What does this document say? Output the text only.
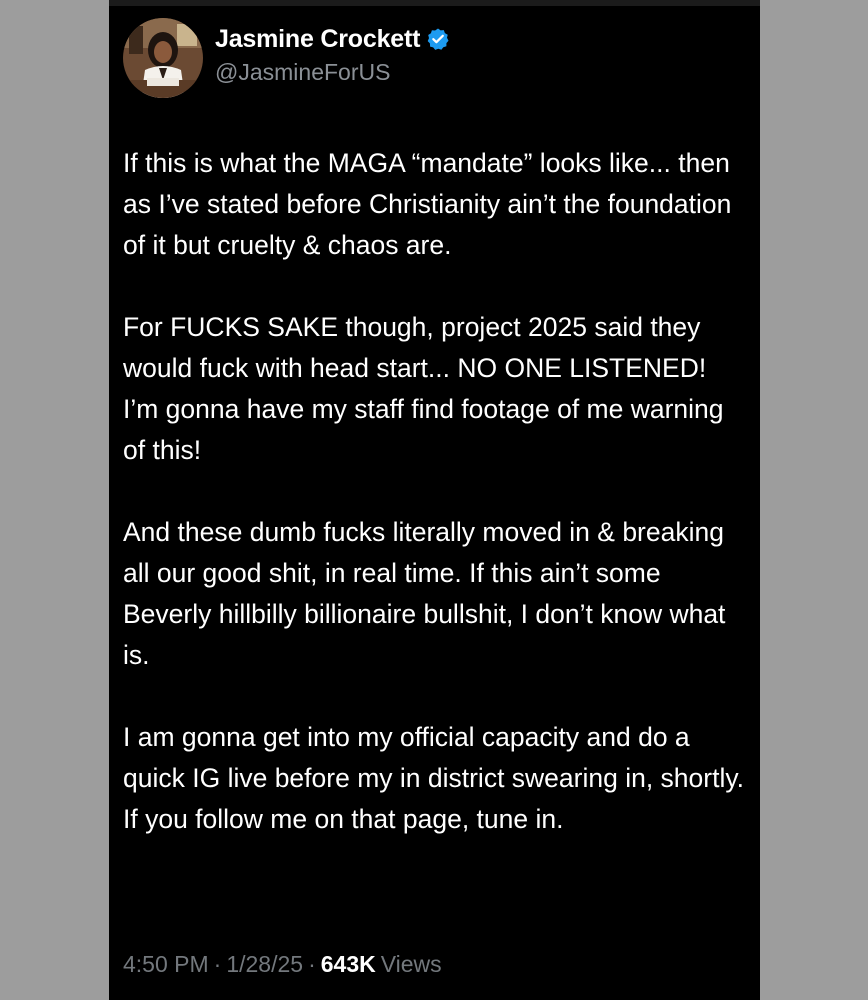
Jasmine Crockett
@JasmineForUS

If this is what the MAGA “mandate” looks like... then as I’ve stated before Christianity ain’t the foundation of it but cruelty & chaos are.

For FUCKS SAKE though, project 2025 said they would fuck with head start... NO ONE LISTENED! I’m gonna have my staff find footage of me warning of this!

And these dumb fucks literally moved in & breaking all our good shit, in real time. If this ain’t some Beverly hillbilly billionaire bullshit, I don’t know what is.

I am gonna get into my official capacity and do a quick IG live before my in district swearing in, shortly. If you follow me on that page, tune in.

4:50 PM · 1/28/25 · 643K Views
